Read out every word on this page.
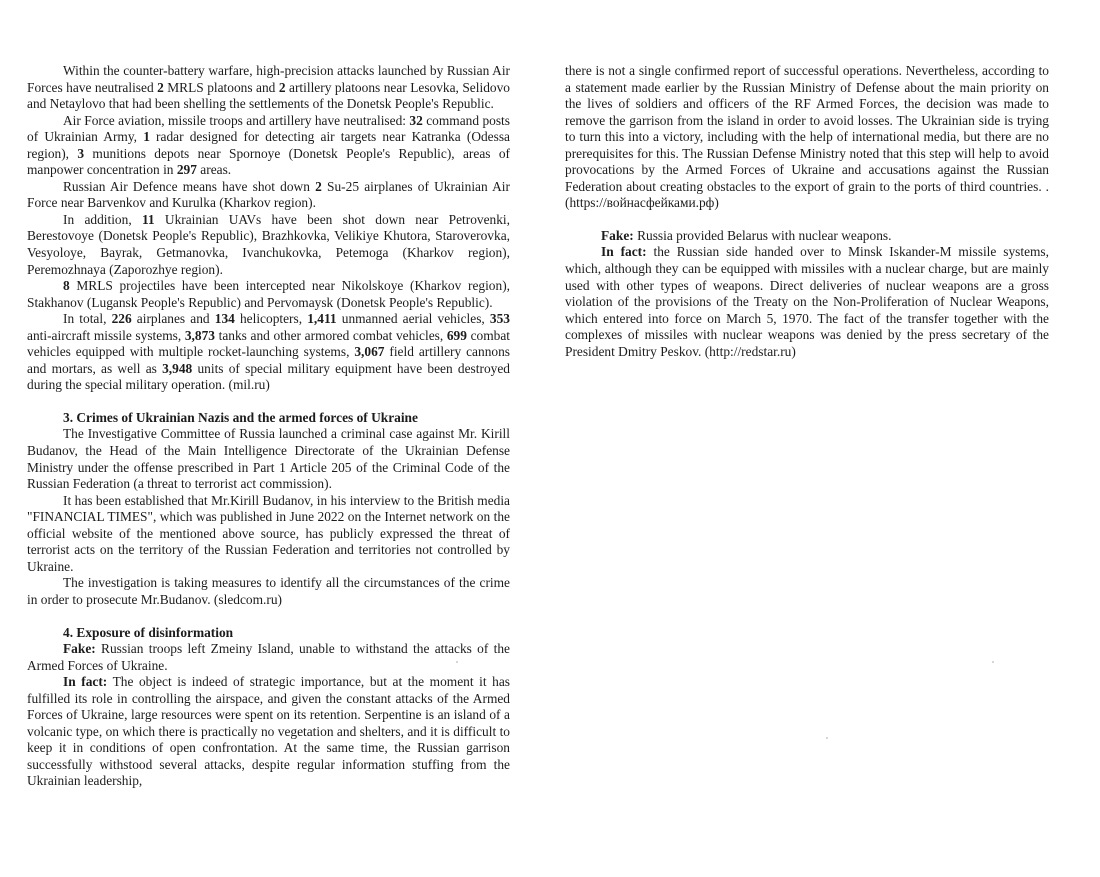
Within the counter-battery warfare, high-precision attacks launched by Russian Air Forces have neutralised 2 MRLS platoons and 2 artillery platoons near Lesovka, Selidovo and Netaylovo that had been shelling the settlements of the Donetsk People's Republic.

Air Force aviation, missile troops and artillery have neutralised: 32 command posts of Ukrainian Army, 1 radar designed for detecting air targets near Katranka (Odessa region), 3 munitions depots near Spornoye (Donetsk People's Republic), areas of manpower concentration in 297 areas.

Russian Air Defence means have shot down 2 Su-25 airplanes of Ukrainian Air Force near Barvenkov and Kurulka (Kharkov region).

In addition, 11 Ukrainian UAVs have been shot down near Petrovenki, Berestovoye (Donetsk People's Republic), Brazhkovka, Velikiye Khutora, Staroverovka, Vesyoloye, Bayrak, Getmanovka, Ivanchukovka, Petemoga (Kharkov region), Peremozhnaya (Zaporozhye region).

8 MRLS projectiles have been intercepted near Nikolskoye (Kharkov region), Stakhanov (Lugansk People's Republic) and Pervomaysk (Donetsk People's Republic).

In total, 226 airplanes and 134 helicopters, 1,411 unmanned aerial vehicles, 353 anti-aircraft missile systems, 3,873 tanks and other armored combat vehicles, 699 combat vehicles equipped with multiple rocket-launching systems, 3,067 field artillery cannons and mortars, as well as 3,948 units of special military equipment have been destroyed during the special military operation. (mil.ru)

3. Crimes of Ukrainian Nazis and the armed forces of Ukraine

The Investigative Committee of Russia launched a criminal case against Mr. Kirill Budanov, the Head of the Main Intelligence Directorate of the Ukrainian Defense Ministry under the offense prescribed in Part 1 Article 205 of the Criminal Code of the Russian Federation (a threat to terrorist act commission).

It has been established that Mr.Kirill Budanov, in his interview to the British media "FINANCIAL TIMES", which was published in June 2022 on the Internet network on the official website of the mentioned above source, has publicly expressed the threat of terrorist acts on the territory of the Russian Federation and territories not controlled by Ukraine.

The investigation is taking measures to identify all the circumstances of the crime in order to prosecute Mr.Budanov. (sledcom.ru)

4. Exposure of disinformation

Fake: Russian troops left Zmeiny Island, unable to withstand the attacks of the Armed Forces of Ukraine.

In fact: The object is indeed of strategic importance, but at the moment it has fulfilled its role in controlling the airspace, and given the constant attacks of the Armed Forces of Ukraine, large resources were spent on its retention. Serpentine is an island of a volcanic type, on which there is practically no vegetation and shelters, and it is difficult to keep it in conditions of open confrontation. At the same time, the Russian garrison successfully withstood several attacks, despite regular information stuffing from the Ukrainian leadership,

there is not a single confirmed report of successful operations. Nevertheless, according to a statement made earlier by the Russian Ministry of Defense about the main priority on the lives of soldiers and officers of the RF Armed Forces, the decision was made to remove the garrison from the island in order to avoid losses. The Ukrainian side is trying to turn this into a victory, including with the help of international media, but there are no prerequisites for this. The Russian Defense Ministry noted that this step will help to avoid provocations by the Armed Forces of Ukraine and accusations against the Russian Federation about creating obstacles to the export of grain to the ports of third countries. . (https://войнасфейками.рф)

Fake: Russia provided Belarus with nuclear weapons.

In fact: the Russian side handed over to Minsk Iskander-M missile systems, which, although they can be equipped with missiles with a nuclear charge, but are mainly used with other types of weapons. Direct deliveries of nuclear weapons are a gross violation of the provisions of the Treaty on the Non-Proliferation of Nuclear Weapons, which entered into force on March 5, 1970. The fact of the transfer together with the complexes of missiles with nuclear weapons was denied by the press secretary of the President Dmitry Peskov. (http://redstar.ru)
